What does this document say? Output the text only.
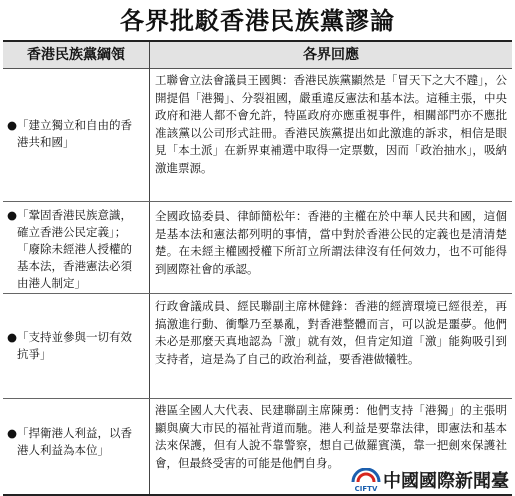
各界批駁香港民族黨謬論
香港民族黨綱領	各界回應
● 「建立獨立和自由的香港共和國」
工聯會立法會議員王國興：香港民族黨顯然是「冒天下之大不韙」，公開提倡「港獨」、分裂祖國，嚴重違反憲法和基本法。這種主張，中央政府和港人都不會允許，特區政府亦應重視事件，相關部門亦不應批准該黨以公司形式註冊。香港民族黨提出如此激進的訴求，相信是眼見「本土派」在新界東補選中取得一定票數，因而「政治抽水」，吸納激進票源。
● 「鞏固香港民族意識，確立香港公民定義」；「廢除未經港人授權的基本法，香港憲法必須由港人制定」
全國政協委員、律師簡松年：香港的主權在於中華人民共和國，這個是基本法和憲法都列明的事情，當中對於香港公民的定義也是清清楚楚。在未經主權國授權下所訂立所謂法律沒有任何效力，也不可能得到國際社會的承認。
● 「支持並參與一切有效抗爭」
行政會議成員、經民聯副主席林健鋒：香港的經濟環境已經很差，再搞激進行動、衝擊乃至暴亂，對香港整體而言，可以說是噩夢。他們未必是那麼天真地認為「激」就有效，但肯定知道「激」能夠吸引到支持者，這是為了自己的政治利益，要香港做犧牲。
● 「捍衛港人利益，以香港人利益為本位」
港區全國人大代表、民建聯副主席陳勇：他們支持「港獨」的主張明顯與廣大市民的福祉背道而馳。港人利益是要靠法律，即憲法和基本法來保護，但有人說不靠警察，想自己做羅賓漢，靠一把劍來保護社會，但最終受害的可能是他們自身。
CIFTV 中國國際新聞臺
